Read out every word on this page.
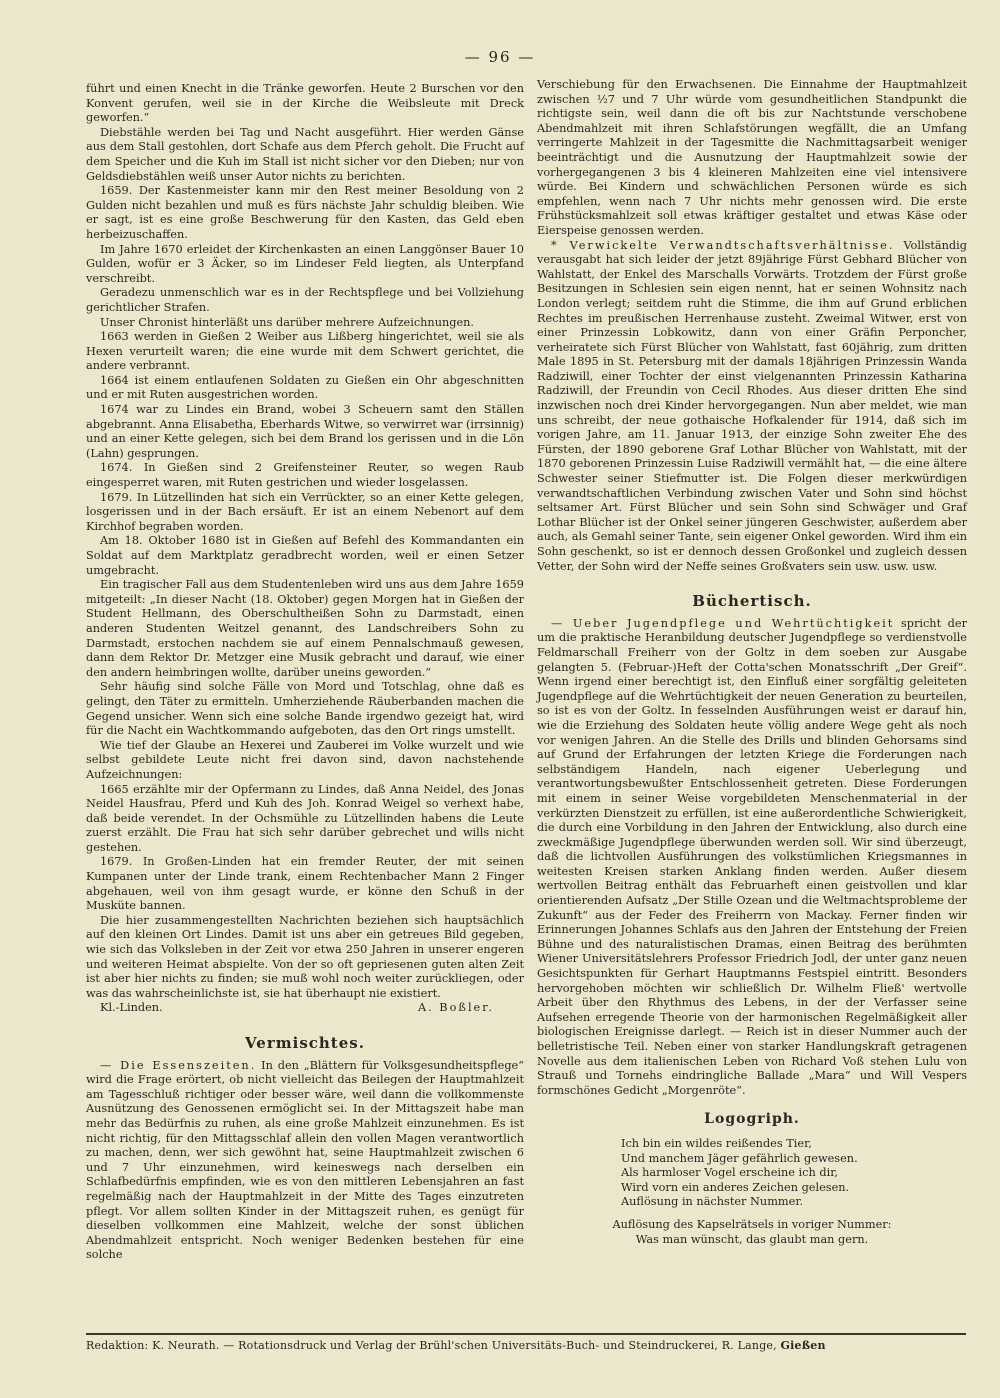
— 96 —

führt und einen Knecht in die Tränke geworfen. Heute 2 Burschen vor den Konvent gerufen, weil sie in der Kirche die Weibsleute mit Dreck geworfen.“

Diebstähle werden bei Tag und Nacht ausgeführt. Hier werden Gänse aus dem Stall gestohlen, dort Schafe aus dem Pferch geholt. Die Frucht auf dem Speicher und die Kuh im Stall ist nicht sicher vor den Dieben; nur von Geldsdiebstählen weiß unser Autor nichts zu berichten.

1659. Der Kastenmeister kann mir den Rest meiner Besoldung von 2 Gulden nicht bezahlen und muß es fürs nächste Jahr schuldig bleiben. Wie er sagt, ist es eine große Beschwerung für den Kasten, das Geld eben herbeizuschaffen.

Im Jahre 1670 erleidet der Kirchenkasten an einen Langgönser Bauer 10 Gulden, wofür er 3 Äcker, so im Lindeser Feld liegten, als Unterpfand verschreibt.

Geradezu unmenschlich war es in der Rechtspflege und bei Vollziehung gerichtlicher Strafen.

Unser Chronist hinterläßt uns darüber mehrere Aufzeichnungen.

1663 werden in Gießen 2 Weiber aus Lißberg hingerichtet, weil sie als Hexen verurteilt waren; die eine wurde mit dem Schwert gerichtet, die andere verbrannt.

1664 ist einem entlaufenen Soldaten zu Gießen ein Ohr abgeschnitten und er mit Ruten ausgestrichen worden.

1674 war zu Lindes ein Brand, wobei 3 Scheuern samt den Ställen abgebrannt. Anna Elisabetha, Eberhards Witwe, so verwirret war (irrsinnig) und an einer Kette gelegen, sich bei dem Brand los gerissen und in die Lön (Lahn) gesprungen.

1674. In Gießen sind 2 Greifensteiner Reuter, so wegen Raub eingesperret waren, mit Ruten gestrichen und wieder losgelassen.

1679. In Lützellinden hat sich ein Verrückter, so an einer Kette gelegen, losgerissen und in der Bach ersäuft. Er ist an einem Nebenort auf dem Kirchhof begraben worden.

Am 18. Oktober 1680 ist in Gießen auf Befehl des Kommandanten ein Soldat auf dem Marktplatz geradbrecht worden, weil er einen Setzer umgebracht.

Ein tragischer Fall aus dem Studentenleben wird uns aus dem Jahre 1659 mitgeteilt: „In dieser Nacht (18. Oktober) gegen Morgen hat in Gießen der Student Hellmann, des Oberschultheißen Sohn zu Darmstadt, einen anderen Studenten Weitzel genannt, des Landschreibers Sohn zu Darmstadt, erstochen nachdem sie auf einem Pennalschmauß gewesen, dann dem Rektor Dr. Metzger eine Musik gebracht und darauf, wie einer den andern heimbringen wollte, darüber uneins geworden.“

Sehr häufig sind solche Fälle von Mord und Totschlag, ohne daß es gelingt, den Täter zu ermitteln. Umherziehende Räuberbanden machen die Gegend unsicher. Wenn sich eine solche Bande irgendwo gezeigt hat, wird für die Nacht ein Wachtkommando aufgeboten, das den Ort rings umstellt.

Wie tief der Glaube an Hexerei und Zauberei im Volke wurzelt und wie selbst gebildete Leute nicht frei davon sind, davon nachstehende Aufzeichnungen:

1665 erzählte mir der Opfermann zu Lindes, daß Anna Neidel, des Jonas Neidel Hausfrau, Pferd und Kuh des Joh. Konrad Weigel so verhext habe, daß beide verendet. In der Ochsmühle zu Lützellinden habens die Leute zuerst erzählt. Die Frau hat sich sehr darüber gebrechet und wills nicht gestehen.

1679. In Großen-Linden hat ein fremder Reuter, der mit seinen Kumpanen unter der Linde trank, einem Rechtenbacher Mann 2 Finger abgehauen, weil von ihm gesagt wurde, er könne den Schuß in der Musküte bannen.

Die hier zusammengestellten Nachrichten beziehen sich hauptsächlich auf den kleinen Ort Lindes. Damit ist uns aber ein getreues Bild gegeben, wie sich das Volksleben in der Zeit vor etwa 250 Jahren in unserer engeren und weiteren Heimat abspielte. Von der so oft gepriesenen guten alten Zeit ist aber hier nichts zu finden; sie muß wohl noch weiter zurückliegen, oder was das wahrscheinlichste ist, sie hat überhaupt nie existiert.

Kl.-Linden.	A. Boßler.

Vermischtes.

— Die Essenszeiten. In den „Blättern für Volksgesundheitspflege“ wird die Frage erörtert, ob nicht vielleicht das Beilegen der Hauptmahlzeit am Tagesschluß richtiger oder besser wäre, weil dann die vollkommenste Ausnützung des Genossenen ermöglicht sei. In der Mittagszeit habe man mehr das Bedürfnis zu ruhen, als eine große Mahlzeit einzunehmen. Es ist nicht richtig, für den Mittagsschlaf allein den vollen Magen verantwortlich zu machen, denn, wer sich gewöhnt hat, seine Hauptmahlzeit zwischen 6 und 7 Uhr einzunehmen, wird keineswegs nach derselben ein Schlafbedürfnis empfinden, wie es von den mittleren Lebensjahren an fast regelmäßig nach der Hauptmahlzeit in der Mitte des Tages einzutreten pflegt. Vor allem sollten Kinder in der Mittagszeit ruhen, es genügt für dieselben vollkommen eine Mahlzeit, welche der sonst üblichen Abendmahlzeit entspricht. Noch weniger Bedenken bestehen für eine solche

Verschiebung für den Erwachsenen. Die Einnahme der Hauptmahlzeit zwischen ½7 und 7 Uhr würde vom gesundheitlichen Standpunkt die richtigste sein, weil dann die oft bis zur Nachtstunde verschobene Abendmahlzeit mit ihren Schlafstörungen wegfällt, die an Umfang verringerte Mahlzeit in der Tagesmitte die Nachmittagsarbeit weniger beeinträchtigt und die Ausnutzung der Hauptmahlzeit sowie der vorhergegangenen 3 bis 4 kleineren Mahlzeiten eine viel intensivere würde. Bei Kindern und schwächlichen Personen würde es sich empfehlen, wenn nach 7 Uhr nichts mehr genossen wird. Die erste Frühstücksmahlzeit soll etwas kräftiger gestaltet und etwas Käse oder Eierspeise genossen werden.

* Verwickelte Verwandtschaftsverhältnisse. Vollständig verausgabt hat sich leider der jetzt 89jährige Fürst Gebhard Blücher von Wahlstatt, der Enkel des Marschalls Vorwärts. Trotzdem der Fürst große Besitzungen in Schlesien sein eigen nennt, hat er seinen Wohnsitz nach London verlegt; seitdem ruht die Stimme, die ihm auf Grund erblichen Rechtes im preußischen Herrenhause zusteht. Zweimal Witwer, erst von einer Prinzessin Lobkowitz, dann von einer Gräfin Perponcher, verheiratete sich Fürst Blücher von Wahlstatt, fast 60jährig, zum dritten Male 1895 in St. Petersburg mit der damals 18jährigen Prinzessin Wanda Radziwill, einer Tochter der einst vielgenannten Prinzessin Katharina Radziwill, der Freundin von Cecil Rhodes. Aus dieser dritten Ehe sind inzwischen noch drei Kinder hervorgegangen. Nun aber meldet, wie man uns schreibt, der neue gothaische Hofkalender für 1914, daß sich im vorigen Jahre, am 11. Januar 1913, der einzige Sohn zweiter Ehe des Fürsten, der 1890 geborene Graf Lothar Blücher von Wahlstatt, mit der 1870 geborenen Prinzessin Luise Radziwill vermählt hat, — die eine ältere Schwester seiner Stiefmutter ist. Die Folgen dieser merkwürdigen verwandtschaftlichen Verbindung zwischen Vater und Sohn sind höchst seltsamer Art. Fürst Blücher und sein Sohn sind Schwäger und Graf Lothar Blücher ist der Onkel seiner jüngeren Geschwister, außerdem aber auch, als Gemahl seiner Tante, sein eigener Onkel geworden. Wird ihm ein Sohn geschenkt, so ist er dennoch dessen Großonkel und zugleich dessen Vetter, der Sohn wird der Neffe seines Großvaters sein usw. usw. usw.

Büchertisch.

— Ueber Jugendpflege und Wehrtüchtigkeit spricht der um die praktische Heranbildung deutscher Jugendpflege so verdienstvolle Feldmarschall Freiherr von der Goltz in dem soeben zur Ausgabe gelangten 5. (Februar-)Heft der Cotta'schen Monatsschrift „Der Greif“. Wenn irgend einer berechtigt ist, den Einfluß einer sorgfältig geleiteten Jugendpflege auf die Wehrtüchtigkeit der neuen Generation zu beurteilen, so ist es von der Goltz. In fesselnden Ausführungen weist er darauf hin, wie die Erziehung des Soldaten heute völlig andere Wege geht als noch vor wenigen Jahren. An die Stelle des Drills und blinden Gehorsams sind auf Grund der Erfahrungen der letzten Kriege die Forderungen nach selbständigem Handeln, nach eigener Ueberlegung und verantwortungsbewußter Entschlossenheit getreten. Diese Forderungen mit einem in seiner Weise vorgebildeten Menschenmaterial in der verkürzten Dienstzeit zu erfüllen, ist eine außerordentliche Schwierigkeit, die durch eine Vorbildung in den Jahren der Entwicklung, also durch eine zweckmäßige Jugendpflege überwunden werden soll. Wir sind überzeugt, daß die lichtvollen Ausführungen des volkstümlichen Kriegsmannes in weitesten Kreisen starken Anklang finden werden. Außer diesem wertvollen Beitrag enthält das Februarheft einen geistvollen und klar orientierenden Aufsatz „Der Stille Ozean und die Weltmachtsprobleme der Zukunft“ aus der Feder des Freiherrn von Mackay. Ferner finden wir Erinnerungen Johannes Schlafs aus den Jahren der Entstehung der Freien Bühne und des naturalistischen Dramas, einen Beitrag des berühmten Wiener Universitätslehrers Professor Friedrich Jodl, der unter ganz neuen Gesichtspunkten für Gerhart Hauptmanns Festspiel eintritt. Besonders hervorgehoben möchten wir schließlich Dr. Wilhelm Fließ' wertvolle Arbeit über den Rhythmus des Lebens, in der der Verfasser seine Aufsehen erregende Theorie von der harmonischen Regelmäßigkeit aller biologischen Ereignisse darlegt. — Reich ist in dieser Nummer auch der belletristische Teil. Neben einer von starker Handlungskraft getragenen Novelle aus dem italienischen Leben von Richard Voß stehen Lulu von Strauß und Tornehs eindringliche Ballade „Mara“ und Will Vespers formschönes Gedicht „Morgenröte“.

Logogriph.
Ich bin ein wildes reißendes Tier,
Und manchem Jäger gefährlich gewesen.
Als harmloser Vogel erscheine ich dir,
Wird vorn ein anderes Zeichen gelesen.
Auflösung in nächster Nummer.
Auflösung des Kapselrätsels in voriger Nummer:
Was man wünscht, das glaubt man gern.
Redaktion: K. Neurath. — Rotationsdruck und Verlag der Brühl'schen Universitäts-Buch- und Steindruckerei, R. Lange, Gießen
